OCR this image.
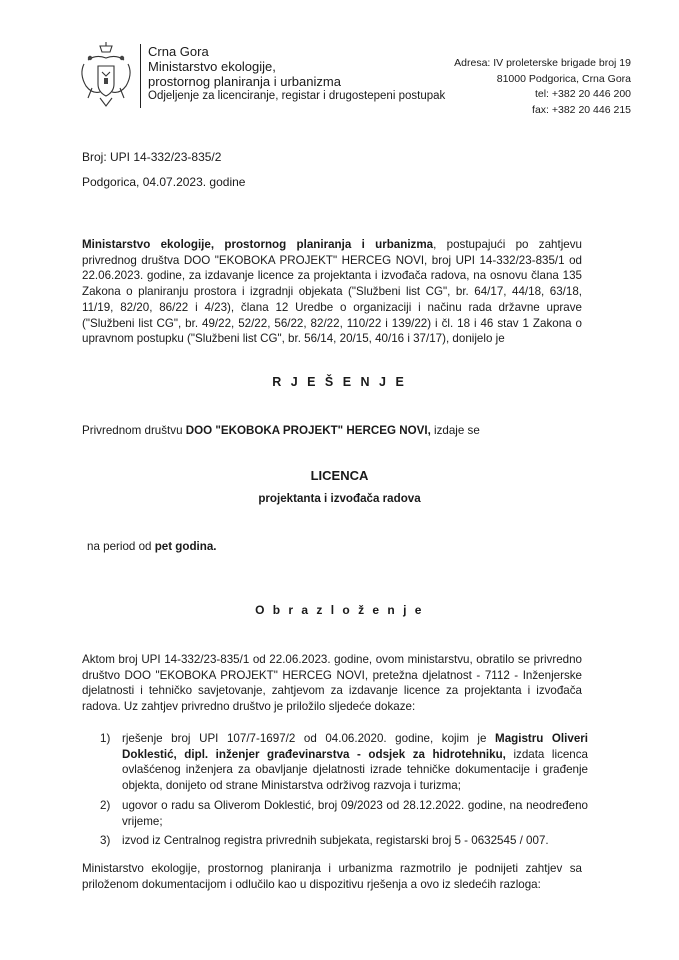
Crna Gora
Ministarstvo ekologije,
prostornog planiranja i urbanizma
Odjeljenje za licenciranje, registar i drugostepeni postupak
Adresa: IV proleterske brigade broj 19
81000 Podgorica, Crna Gora
tel: +382 20 446 200
fax: +382 20 446 215
Broj: UPI 14-332/23-835/2
Podgorica, 04.07.2023. godine
Ministarstvo ekologije, prostornog planiranja i urbanizma, postupajući po zahtjevu privrednog društva DOO "EKOBOKA PROJEKT" HERCEG NOVI, broj UPI 14-332/23-835/1 od 22.06.2023. godine, za izdavanje licence za projektanta i izvođača radova, na osnovu člana 135 Zakona o planiranju prostora i izgradnji objekata ("Službeni list CG", br. 64/17, 44/18, 63/18, 11/19, 82/20, 86/22 i 4/23), člana 12 Uredbe o organizaciji i načinu rada državne uprave ("Službeni list CG", br. 49/22, 52/22, 56/22, 82/22, 110/22 i 139/22) i čl. 18 i 46 stav 1 Zakona o upravnom postupku ("Službeni list CG", br. 56/14, 20/15, 40/16 i 37/17), donijelo je
R J E Š E N J E
Privrednom društvu DOO "EKOBOKA PROJEKT" HERCEG NOVI, izdaje se
LICENCA
projektanta i izvođača radova
na period od pet godina.
O b r a z l o ž e n j e
Aktom broj UPI 14-332/23-835/1 od 22.06.2023. godine, ovom ministarstvu, obratilo se privredno društvo DOO "EKOBOKA PROJEKT" HERCEG NOVI, pretežna djelatnost - 7112 - Inženjerske djelatnosti i tehničko savjetovanje, zahtjevom za izdavanje licence za projektanta i izvođača radova. Uz zahtjev privredno društvo je priložilo sljedeće dokaze:
1) rješenje broj UPI 107/7-1697/2 od 04.06.2020. godine, kojim je Magistru Oliveri Doklestić, dipl. inženjer građevinarstva - odsjek za hidrotehniku, izdata licenca ovlašćenog inženjera za obavljanje djelatnosti izrade tehničke dokumentacije i građenje objekta, donijeto od strane Ministarstva održivog razvoja i turizma;
2) ugovor o radu sa Oliverom Doklestić, broj 09/2023 od 28.12.2022. godine, na neodređeno vrijeme;
3) izvod iz Centralnog registra privrednih subjekata, registarski broj 5 - 0632545 / 007.
Ministarstvo ekologije, prostornog planiranja i urbanizma razmotrilo je podnijeti zahtjev sa priloženom dokumentacijom i odlučilo kao u dispozitivu rješenja a ovo iz sledećih razloga:
